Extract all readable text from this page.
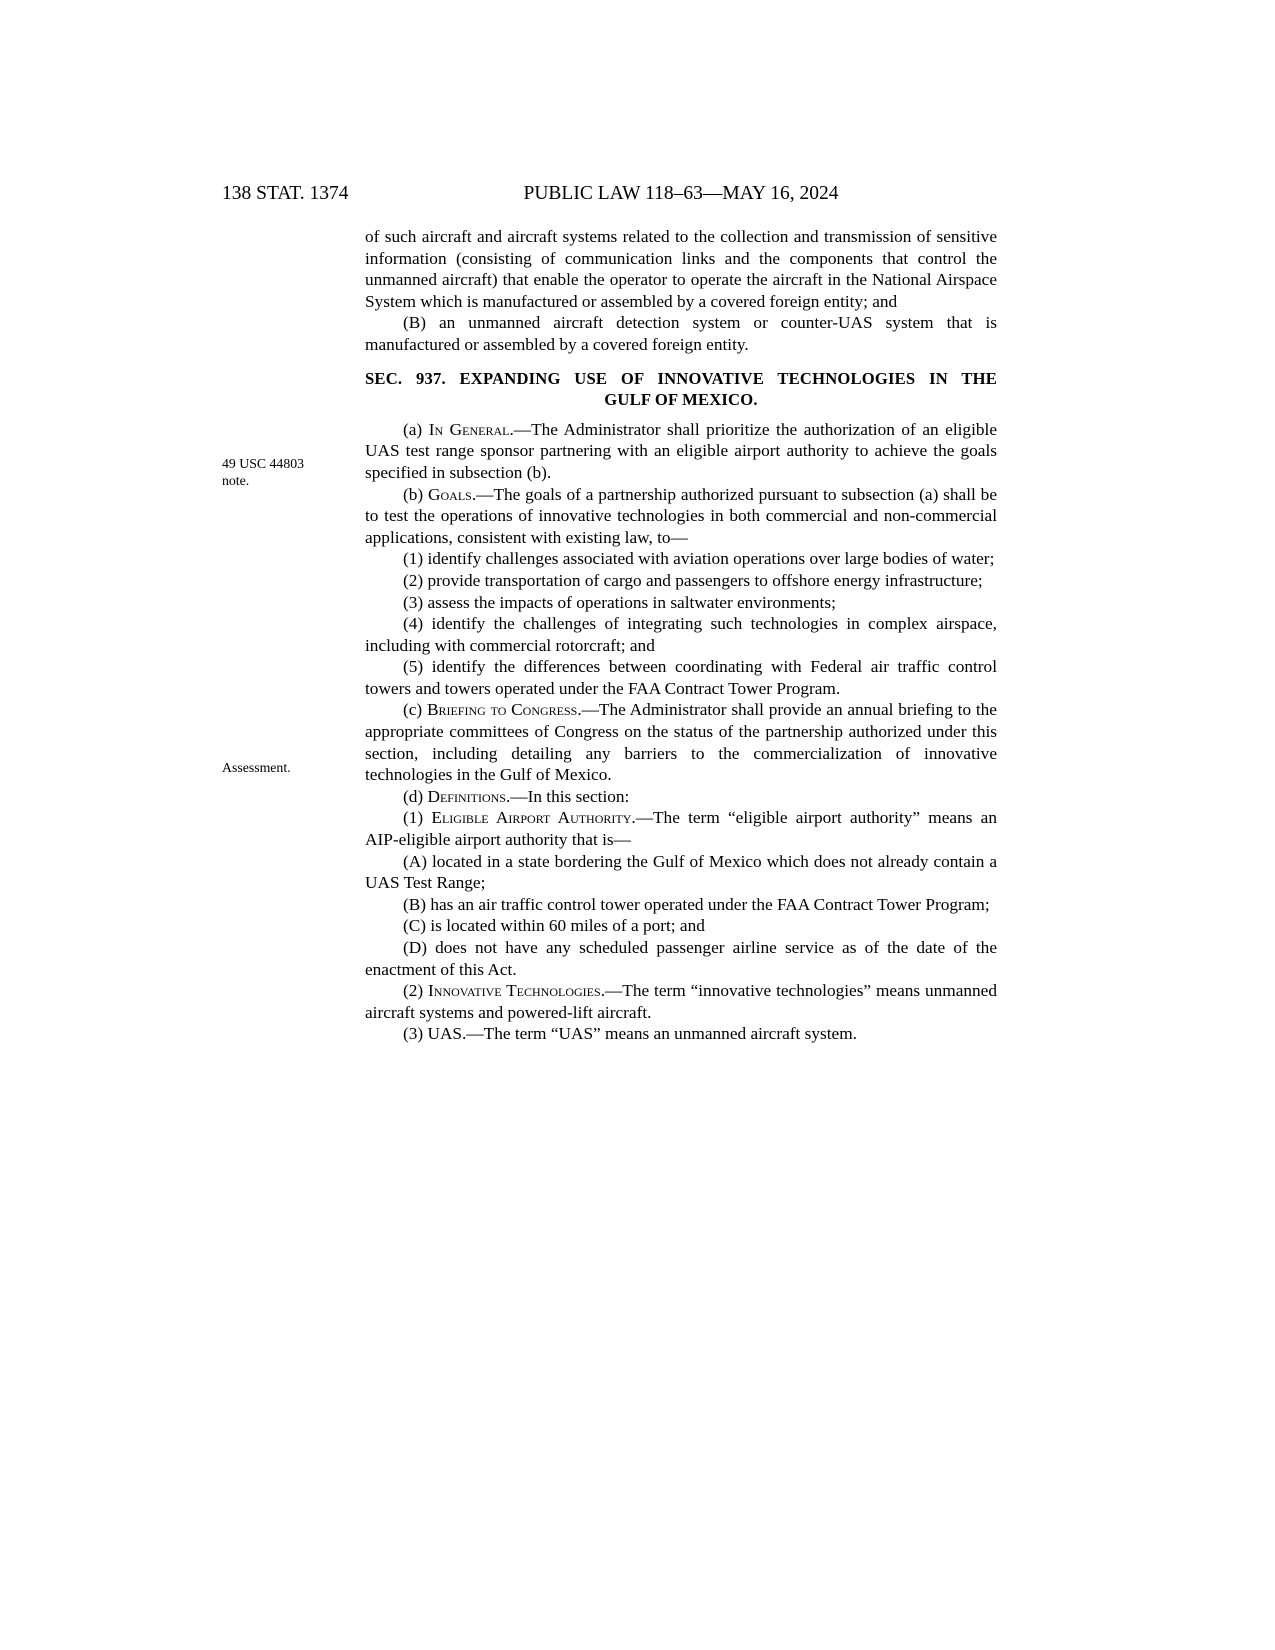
138 STAT. 1374	PUBLIC LAW 118–63—MAY 16, 2024
49 USC 44803 note.
Assessment.

of such aircraft and aircraft systems related to the collection and transmission of sensitive information (consisting of communication links and the components that control the unmanned aircraft) that enable the operator to operate the aircraft in the National Airspace System which is manufactured or assembled by a covered foreign entity; and

(B) an unmanned aircraft detection system or counter-UAS system that is manufactured or assembled by a covered foreign entity.

SEC. 937. EXPANDING USE OF INNOVATIVE TECHNOLOGIES IN THE
GULF OF MEXICO.

(a) In General.—The Administrator shall prioritize the authorization of an eligible UAS test range sponsor partnering with an eligible airport authority to achieve the goals specified in subsection (b).

(b) Goals.—The goals of a partnership authorized pursuant to subsection (a) shall be to test the operations of innovative technologies in both commercial and non-commercial applications, consistent with existing law, to—

(1) identify challenges associated with aviation operations over large bodies of water;

(2) provide transportation of cargo and passengers to offshore energy infrastructure;

(3) assess the impacts of operations in saltwater environments;

(4) identify the challenges of integrating such technologies in complex airspace, including with commercial rotorcraft; and

(5) identify the differences between coordinating with Federal air traffic control towers and towers operated under the FAA Contract Tower Program.

(c) Briefing to Congress.—The Administrator shall provide an annual briefing to the appropriate committees of Congress on the status of the partnership authorized under this section, including detailing any barriers to the commercialization of innovative technologies in the Gulf of Mexico.

(d) Definitions.—In this section:

(1) Eligible Airport Authority.—The term “eligible airport authority” means an AIP-eligible airport authority that is—

(A) located in a state bordering the Gulf of Mexico which does not already contain a UAS Test Range;

(B) has an air traffic control tower operated under the FAA Contract Tower Program;

(C) is located within 60 miles of a port; and

(D) does not have any scheduled passenger airline service as of the date of the enactment of this Act.

(2) Innovative Technologies.—The term “innovative technologies” means unmanned aircraft systems and powered-lift aircraft.

(3) UAS.—The term “UAS” means an unmanned aircraft system.
